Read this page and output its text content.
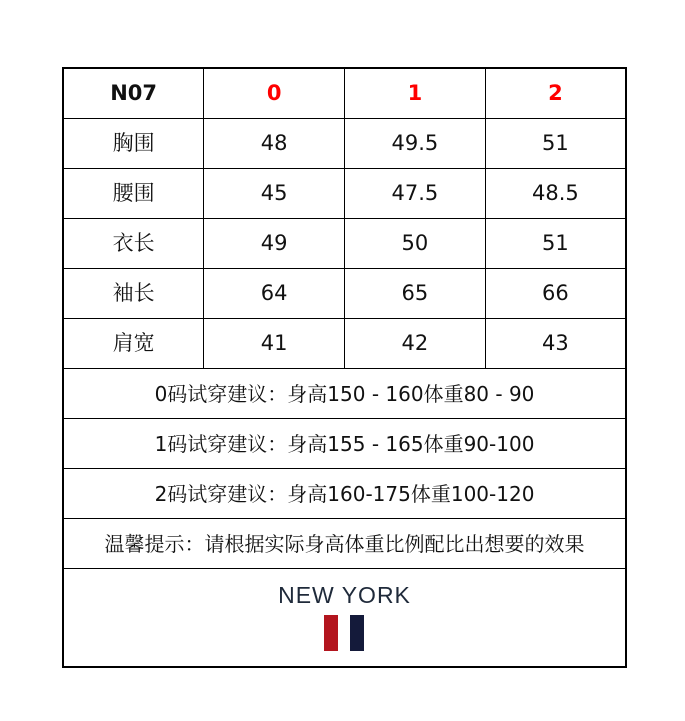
N07	0	1	2
胸围	48	49.5	51
腰围	45	47.5	48.5
衣长	49	50	51
袖长	64	65	66
肩宽	41	42	43
0码试穿建议：身高150 - 160体重80 - 90			
1码试穿建议：身高155 - 165体重90-100			
2码试穿建议：身高160-175体重100-120			
温馨提示：请根据实际身高体重比例配比出想要的效果			

NEW YORK			
